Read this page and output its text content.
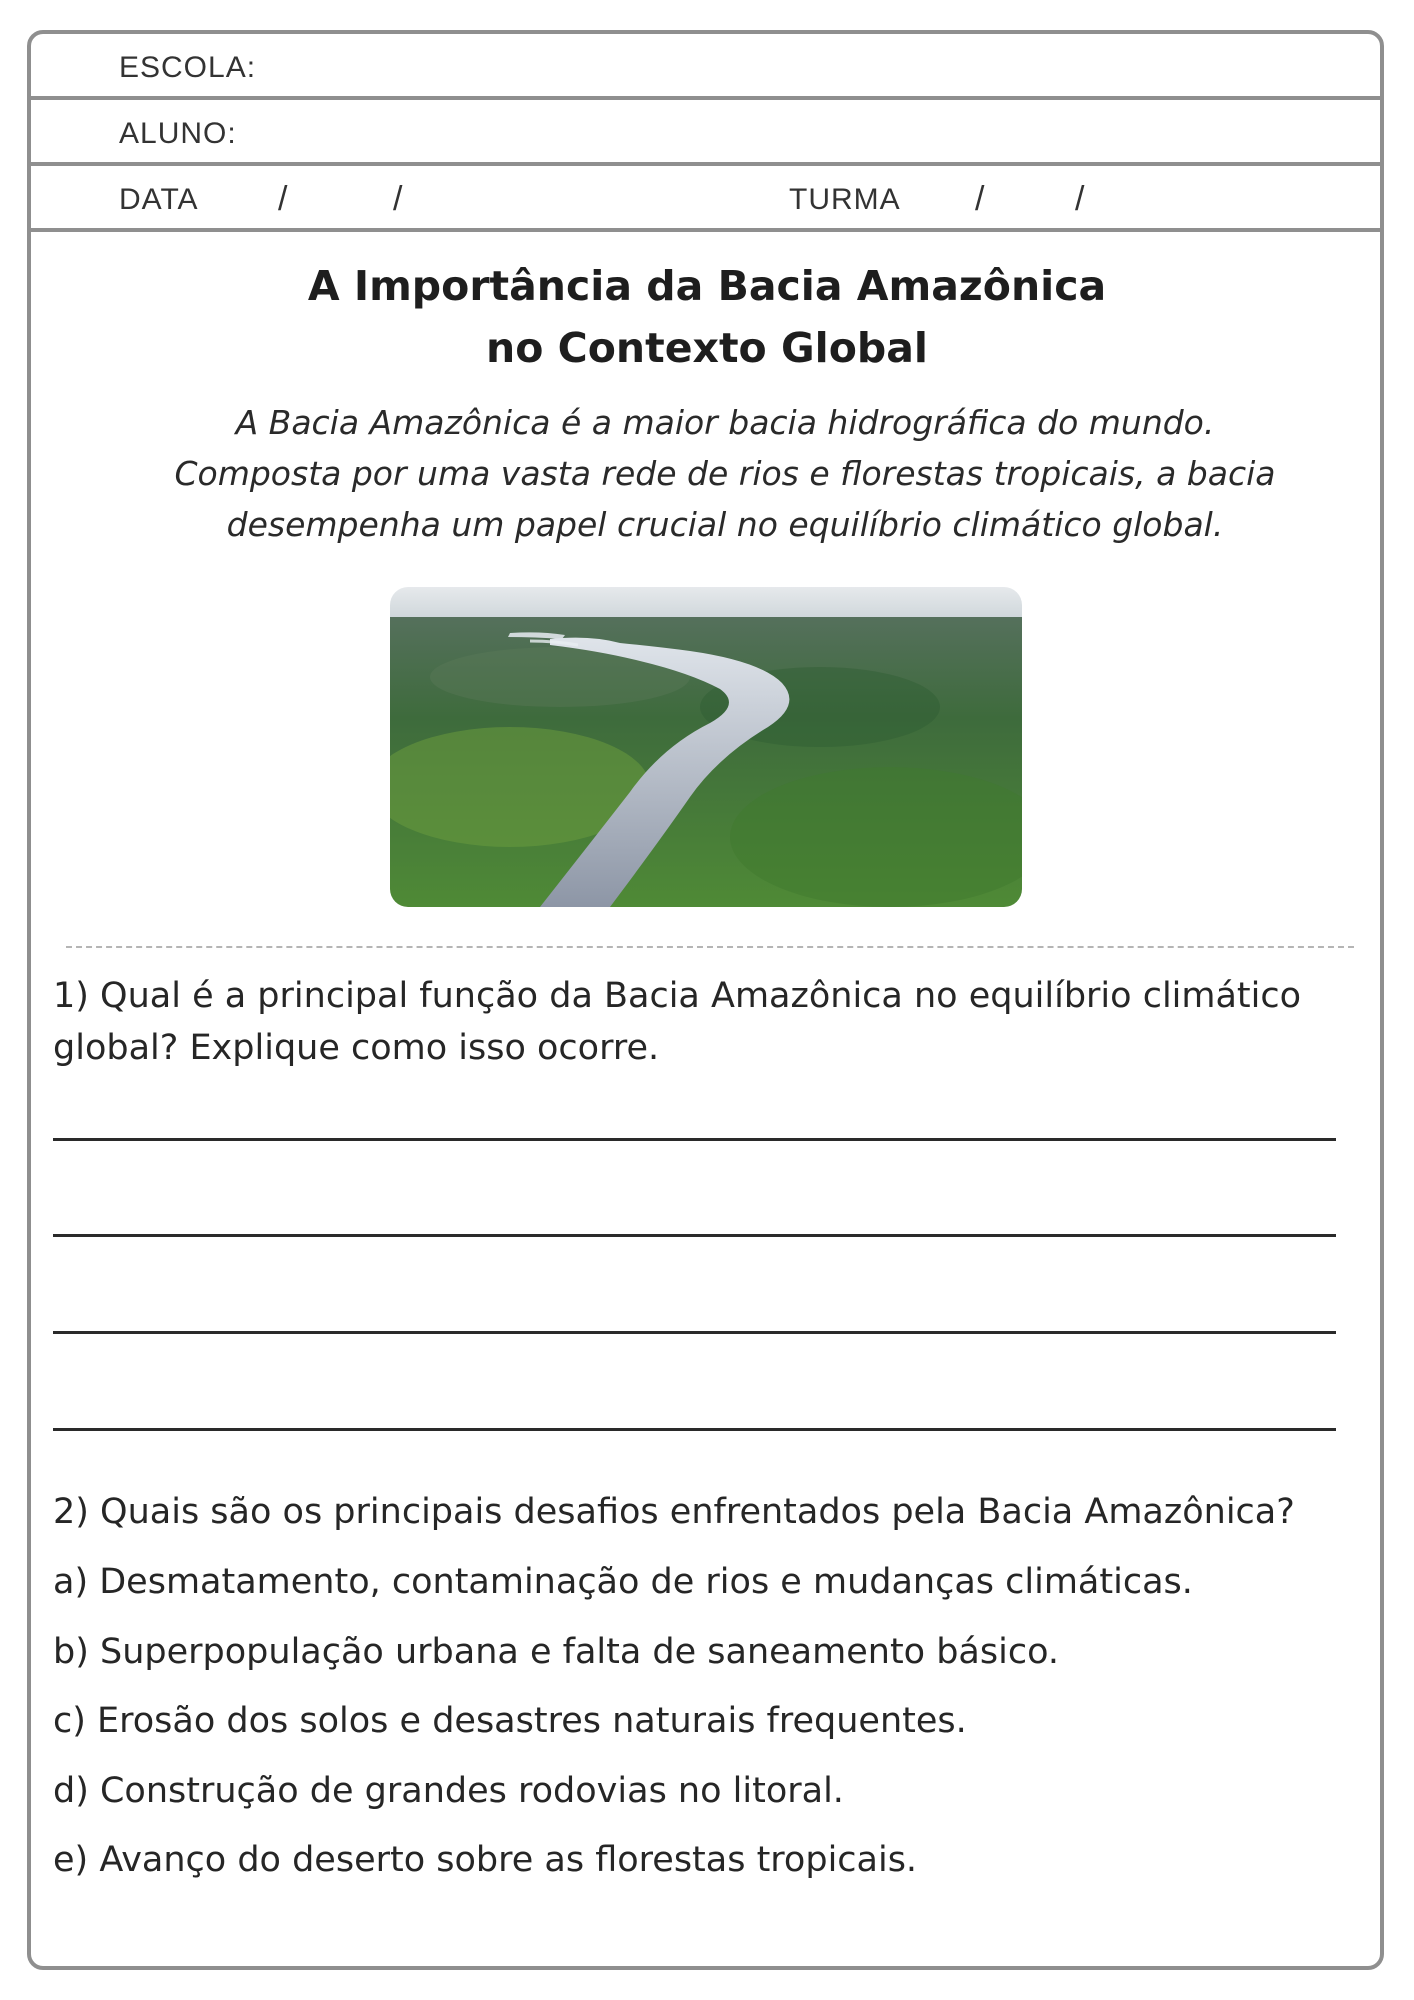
ESCOLA:
ALUNO:
DATA /	/	TURMA /	/
A Importância da Bacia Amazônica
no Contexto Global
A Bacia Amazônica é a maior bacia hidrográfica do mundo.
Composta por uma vasta rede de rios e florestas tropicais, a bacia
desempenha um papel crucial no equilíbrio climático global.
1) Qual é a principal função da Bacia Amazônica no equilíbrio climático
global? Explique como isso ocorre.
2) Quais são os principais desafios enfrentados pela Bacia Amazônica?
a) Desmatamento, contaminação de rios e mudanças climáticas.
b) Superpopulação urbana e falta de saneamento básico.
c) Erosão dos solos e desastres naturais frequentes.
d) Construção de grandes rodovias no litoral.
e) Avanço do deserto sobre as florestas tropicais.
